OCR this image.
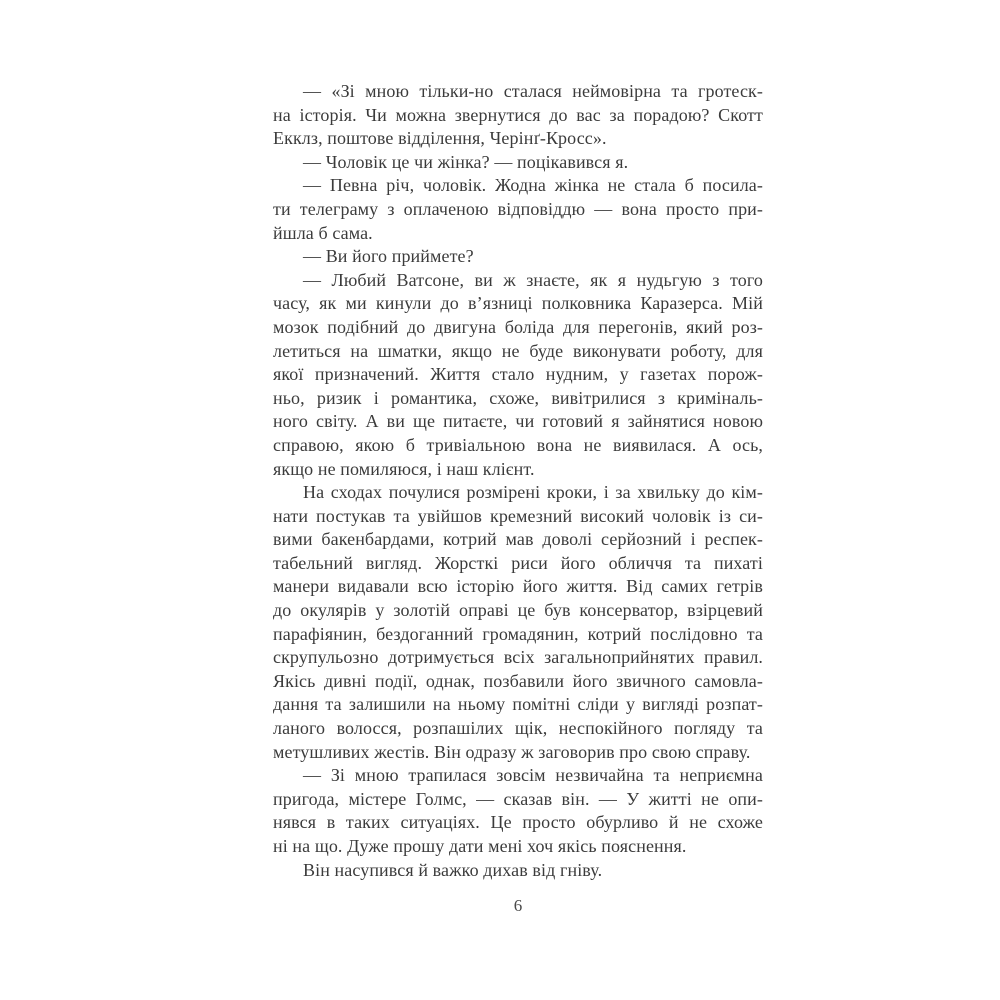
— «Зі мною тільки-но сталася неймовірна та гротеск-
на історія. Чи можна звернутися до вас за порадою? Скотт
Екклз, поштове відділення, Черінґ-Кросс».
— Чоловік це чи жінка? — поцікавився я.
— Певна річ, чоловік. Жодна жінка не стала б посила-
ти телеграму з оплаченою відповіддю — вона просто при-
йшла б сама.
— Ви його приймете?
— Любий Ватсоне, ви ж знаєте, як я нудьгую з того
часу, як ми кинули до в’язниці полковника Каразерса. Мій
мозок подібний до двигуна боліда для перегонів, який роз-
летиться на шматки, якщо не буде виконувати роботу, для
якої призначений. Життя стало нудним, у газетах порож-
ньо, ризик і романтика, схоже, вивітрилися з криміналь-
ного світу. А ви ще питаєте, чи готовий я зайнятися новою
справою, якою б тривіальною вона не виявилася. А ось,
якщо не помиляюся, і наш клієнт.
На сходах почулися розмірені кроки, і за хвильку до кім-
нати постукав та увійшов кремезний високий чоловік із си-
вими бакенбардами, котрий мав доволі серйозний і респек-
табельний вигляд. Жорсткі риси його обличчя та пихаті
манери видавали всю історію його життя. Від самих гетрів
до окулярів у золотій оправі це був консерватор, взірцевий
парафіянин, бездоганний громадянин, котрий послідовно та
скрупульозно дотримується всіх загальноприйнятих правил.
Якісь дивні події, однак, позбавили його звичного самовла-
дання та залишили на ньому помітні сліди у вигляді розпат-
ланого волосся, розпашілих щік, неспокійного погляду та
метушливих жестів. Він одразу ж заговорив про свою справу.
— Зі мною трапилася зовсім незвичайна та неприємна
пригода, містере Голмс, — сказав він. — У житті не опи-
нявся в таких ситуаціях. Це просто обурливо й не схоже
ні на що. Дуже прошу дати мені хоч якісь пояснення.
Він насупився й важко дихав від гніву.
6
